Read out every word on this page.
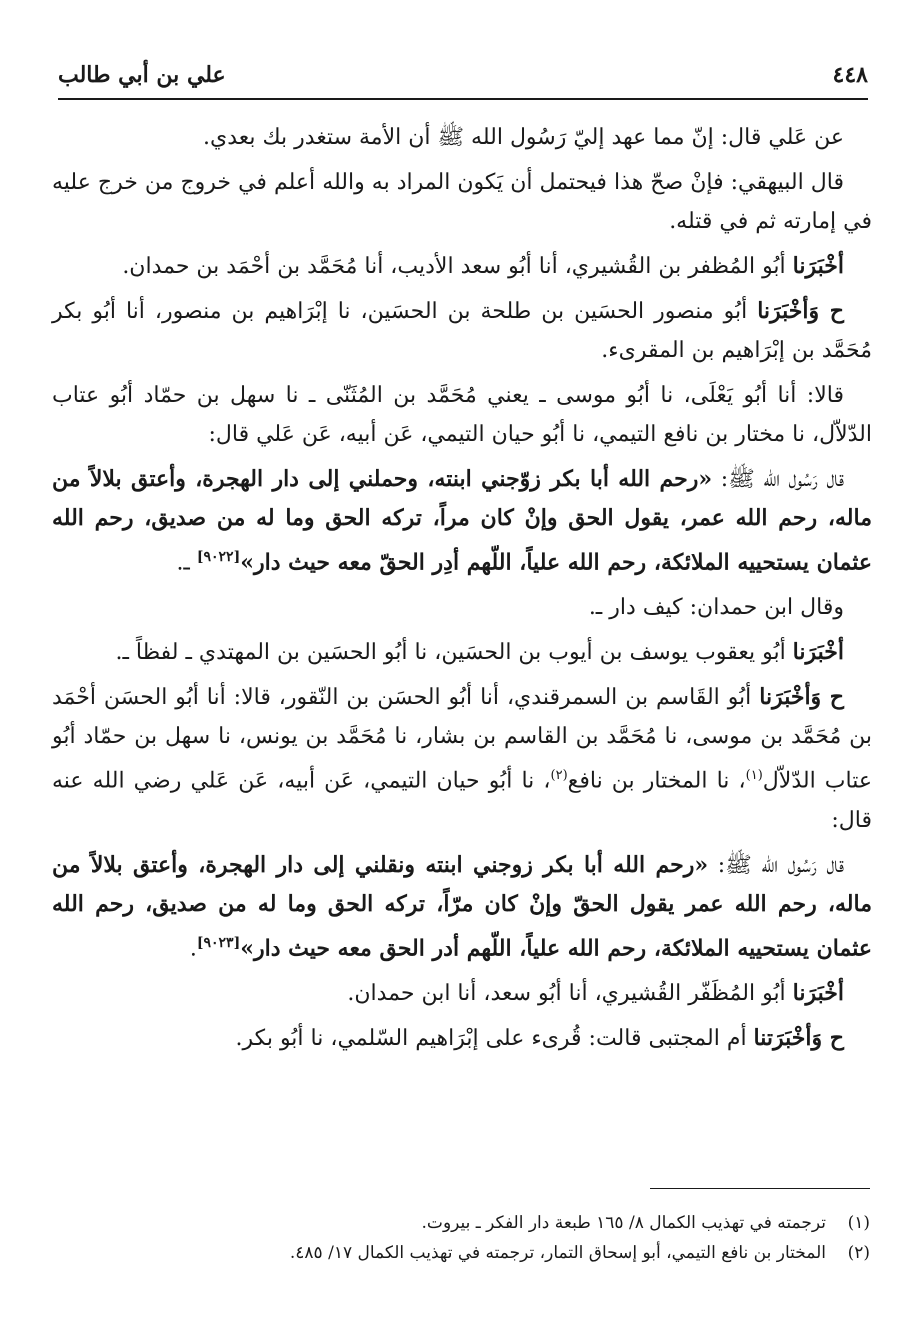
٤٤٨
علي بن أبي طالب

عن عَلي قال: إنّ مما عهد إليّ رَسُول الله ﷺ أن الأمة ستغدر بك بعدي.

قال البيهقي: فإنْ صحّ هذا فيحتمل أن يَكون المراد به والله أعلم في خروج من خرج عليه في إمارته ثم في قتله.

أخْبَرَنا أبُو المُظفر بن القُشيري، أنا أبُو سعد الأديب، أنا مُحَمَّد بن أحْمَد بن حمدان.

ح وَأخْبَرَنا أبُو منصور الحسَين بن طلحة بن الحسَين، نا إبْرَاهيم بن منصور، أنا أبُو بكر مُحَمَّد بن إبْرَاهيم بن المقرىء.

قالا: أنا أبُو يَعْلَى، نا أبُو موسى ـ يعني مُحَمَّد بن المُثَنّى ـ نا سهل بن حمّاد أبُو عتاب الدّلاّل، نا مختار بن نافع التيمي، نا أبُو حيان التيمي، عَن أبيه، عَن عَلي قال:

قال رَسُول الله ﷺ: «رحم الله أبا بكر زوّجني ابنته، وحملني إلى دار الهجرة، وأعتق بلالاً من ماله، رحم الله عمر، يقول الحق وإنْ كان مراً، تركه الحق وما له من صديق، رحم الله عثمان يستحييه الملائكة، رحم الله علياً، اللّهم أدِر الحقّ معه حيث دار»[٩٠٢٢] ـ.

وقال ابن حمدان: كيف دار ـ.

أخْبَرَنا أبُو يعقوب يوسف بن أيوب بن الحسَين، نا أبُو الحسَين بن المهتدي ـ لفظاً ـ.

ح وَأخْبَرَنا أبُو القَاسم بن السمرقندي، أنا أبُو الحسَن بن النّقور، قالا: أنا أبُو الحسَن أحْمَد بن مُحَمَّد بن موسى، نا مُحَمَّد بن القاسم بن بشار، نا مُحَمَّد بن يونس، نا سهل بن حمّاد أبُو عتاب الدّلاّل$^{(١)}$، نا المختار بن نافع$^{(٢)}$، نا أبُو حيان التيمي، عَن أبيه، عَن عَلي رضي الله عنه قال:

قال رَسُول الله ﷺ: «رحم الله أبا بكر زوجني ابنته ونقلني إلى دار الهجرة، وأعتق بلالاً من ماله، رحم الله عمر يقول الحقّ وإنْ كان مرّاً، تركه الحق وما له من صديق، رحم الله عثمان يستحييه الملائكة، رحم الله علياً، اللّهم أدر الحق معه حيث دار»[٩٠٢٣].

أخْبَرَنا أبُو المُظَفّر القُشيري، أنا أبُو سعد، أنا ابن حمدان.

ح وَأخْبَرَتنا أم المجتبى قالت: قُرىء على إبْرَاهيم السّلمي، نا أبُو بكر.

(١)ترجمته في تهذيب الكمال ٨/ ١٦٥ طبعة دار الفكر ـ بيروت.
(٢)المختار بن نافع التيمي، أبو إسحاق التمار، ترجمته في تهذيب الكمال ١٧/ ٤٨٥.
